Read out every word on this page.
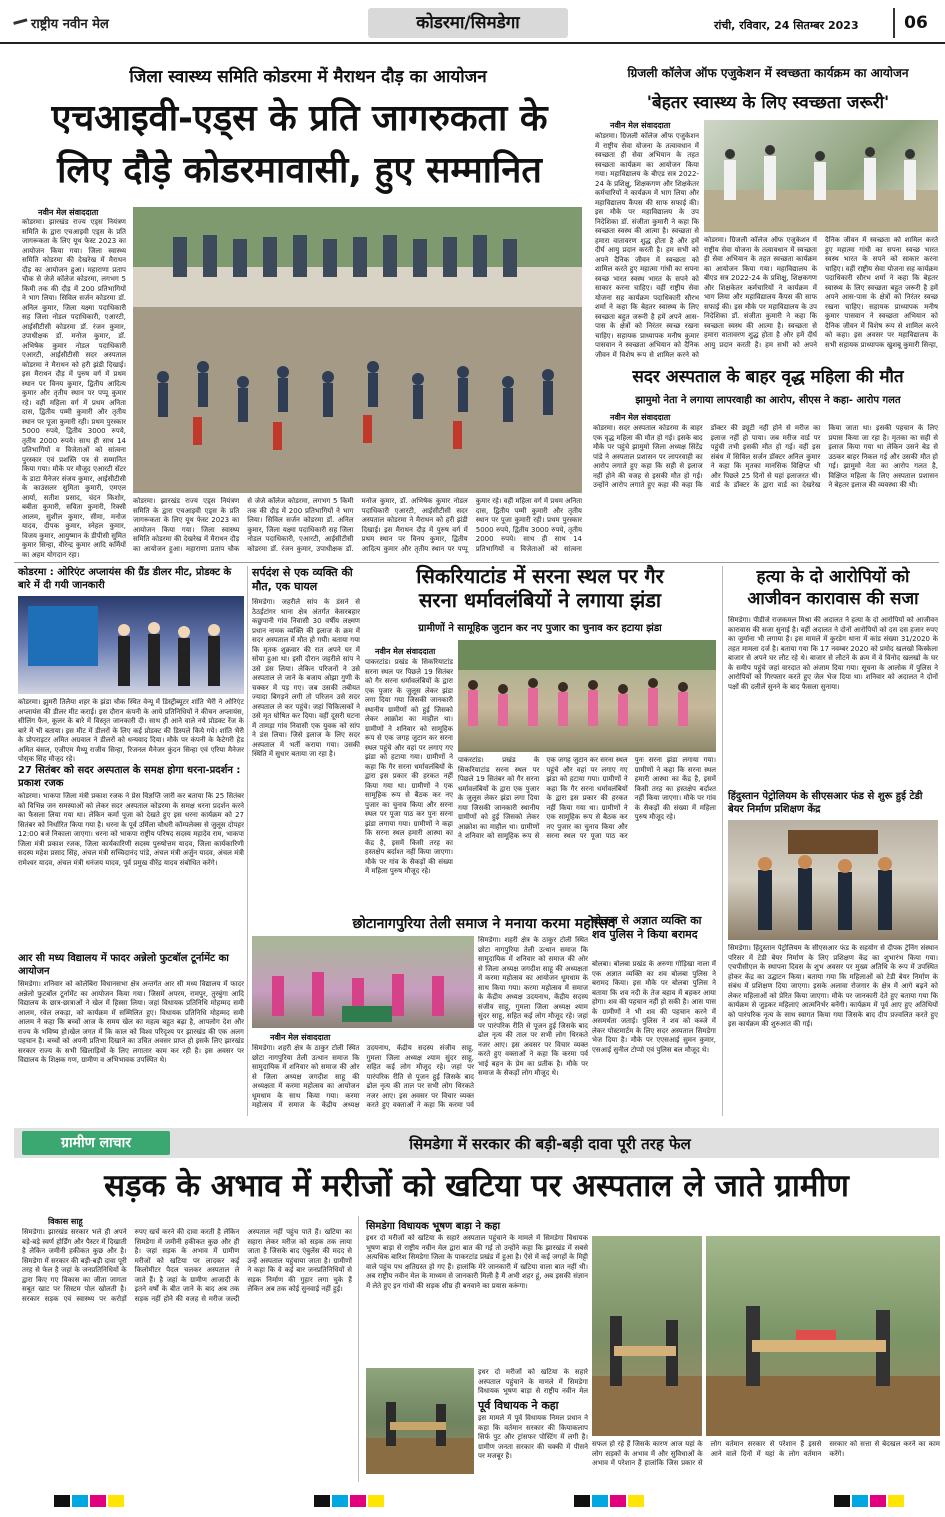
राष्ट्रीय नवीन मेल	कोडरमा/सिमडेगा	रांची, रविवार, 24 सितम्बर 2023	06
जिला स्वास्थ्य समिति कोडरमा में मैराथन दौड़ का आयोजन
एचआइवी-एड्स के प्रति जागरुकता के
लिए दौड़े कोडरमावासी, हुए सम्मानित
नवीन मेल संवाददाता
कोडरमा। झारखंड राज्य एड्स नियंत्रण समिति के द्वारा एचआइवी एड्स के प्रति जागरूकता के लिए यूथ फेस्ट 2023 का आयोजन किया गया। जिला स्वास्थ्य समिति कोडरमा की देखरेख में मैराथन दौड़ का आयोजन हुआ। महाराणा प्रताप चौक से जेजे कॉलेज कोडरमा, लगभग 5 किमी तक की दौड़ में 200 प्रतिभागियों ने भाग लिया। सिविल सर्जन कोडरमा डॉ. अनिल कुमार, जिला यक्ष्मा पदाधिकारी सह जिला नोडल पदाधिकारी, एआरटी, आईसीटीसी कोडरमा डॉ. रंजन कुमार, उपाधीक्षक डॉ. मनोज कुमार, डॉ. अभिषेक कुमार नोडल पदाधिकारी एआरटी, आईसीटीसी सदर अस्पताल कोडरमा ने मैराथन को हरी झंडी दिखाई। इस मैराथन दौड़ में पुरुष वर्ग में प्रथम स्थान पर विनय कुमार, द्वितीय आदित्य कुमार और तृतीय स्थान पर पप्पू कुमार रहे। वहीं महिला वर्ग में प्रथम अनिता दास, द्वितीय पम्मी कुमारी और तृतीय स्थान पर पूजा कुमारी रही। प्रथम पुरस्कार 5000 रुपये, द्वितीय 3000 रुपये, तृतीय 2000 रुपये। साथ ही साथ 14 प्रतिभागियों व विजेताओं को सांत्वना पुरस्कार एवं प्रशस्ति पत्र से सम्मानित किया गया। मौके पर मौजूद एआरटी सेंटर के डाटा मैनेजर संजय कुमार, आईसीटीसी के काउंसलर सुमिता कुमारी, एमएल आर्या, सतीश प्रसाद, चंदन किशोर, बबीता कुमारी, सविता कुमारी, रिक्सी आलम, सुशील कुमार, सीमा, मनोज यादव, दीपक कुमार, स्नेहल कुमार, विजय कुमार, आयुष्मान के डीपीसी सुमित कुमार सिन्हा, वीरेन्द्र कुमार आदि कर्मियों का अहम योगदान रहा।
कोडरमा। झारखंड राज्य एड्स नियंत्रण समिति के द्वारा एचआइवी एड्स के प्रति जागरूकता के लिए यूथ फेस्ट 2023 का आयोजन किया गया। जिला स्वास्थ्य समिति कोडरमा की देखरेख में मैराथन दौड़ का आयोजन हुआ। महाराणा प्रताप चौक से जेजे कॉलेज कोडरमा, लगभग 5 किमी तक की दौड़ में 200 प्रतिभागियों ने भाग लिया। सिविल सर्जन कोडरमा डॉ. अनिल कुमार, जिला यक्ष्मा पदाधिकारी सह जिला नोडल पदाधिकारी, एआरटी, आईसीटीसी कोडरमा डॉ. रंजन कुमार, उपाधीक्षक डॉ. मनोज कुमार, डॉ. अभिषेक कुमार नोडल पदाधिकारी एआरटी, आईसीटीसी सदर अस्पताल कोडरमा ने मैराथन को हरी झंडी दिखाई। इस मैराथन दौड़ में पुरुष वर्ग में प्रथम स्थान पर विनय कुमार, द्वितीय आदित्य कुमार और तृतीय स्थान पर पप्पू कुमार रहे। वहीं महिला वर्ग में प्रथम अनिता दास, द्वितीय पम्मी कुमारी और तृतीय स्थान पर पूजा कुमारी रही। प्रथम पुरस्कार 5000 रुपये, द्वितीय 3000 रुपये, तृतीय 2000 रुपये। साथ ही साथ 14 प्रतिभागियों व विजेताओं को सांत्वना
ग्रिजली कॉलेज ऑफ एजुकेशन में स्वच्छता कार्यक्रम का आयोजन
'बेहतर स्वास्थ्य के लिए स्वच्छता जरूरी'
नवीन मेल संवाददाता
कोडरमा। ग्रिजली कॉलेज ऑफ एजुकेशन में राष्ट्रीय सेवा योजना के तत्वावधान में स्वच्छता ही सेवा अभियान के तहत स्वच्छता कार्यक्रम का आयोजन किया गया। महाविद्यालय के बीएड सत्र 2022-24 के प्रशिक्षु, शिक्षकगण और शिक्षकेतर कर्मचारियों ने कार्यक्रम में भाग लिया और महाविद्यालय कैंपस की साफ सफाई की। इस मौके पर महाविद्यालय के उप निदेशिका डॉ. संजीता कुमारी ने कहा कि स्वच्छता स्वस्थ की आत्मा है। स्वच्छता से हमारा वातावरण शुद्ध होता है और हमें दीर्घ आयु प्रदान करती है। हम सभी को अपने दैनिक जीवन में स्वच्छता को शामिल करते हुए महात्मा गांधी का सपना स्वच्छ भारत स्वस्थ भारत के सपने को साकार करना चाहिए। वहीं राष्ट्रीय सेवा योजना सह कार्यक्रम पदाधिकारी सौरभ शर्मा ने कहा कि बेहतर स्वास्थ्य के लिए स्वच्छता बहुत जरूरी है हमें अपने आस-पास के क्षेत्रों को निरंतर स्वच्छ रखना चाहिए। सहायक प्राध्यापक मनीष कुमार पासवान ने स्वच्छता अभियान को दैनिक जीवन में विशेष रूप से शामिल करने को
कोडरमा। ग्रिजली कॉलेज ऑफ एजुकेशन में राष्ट्रीय सेवा योजना के तत्वावधान में स्वच्छता ही सेवा अभियान के तहत स्वच्छता कार्यक्रम का आयोजन किया गया। महाविद्यालय के बीएड सत्र 2022-24 के प्रशिक्षु, शिक्षकगण और शिक्षकेतर कर्मचारियों ने कार्यक्रम में भाग लिया और महाविद्यालय कैंपस की साफ सफाई की। इस मौके पर महाविद्यालय के उप निदेशिका डॉ. संजीता कुमारी ने कहा कि स्वच्छता स्वस्थ की आत्मा है। स्वच्छता से हमारा वातावरण शुद्ध होता है और हमें दीर्घ आयु प्रदान करती है। हम सभी को अपने दैनिक जीवन में स्वच्छता को शामिल करते हुए महात्मा गांधी का सपना स्वच्छ भारत स्वस्थ भारत के सपने को साकार करना चाहिए। वहीं राष्ट्रीय सेवा योजना सह कार्यक्रम पदाधिकारी सौरभ शर्मा ने कहा कि बेहतर स्वास्थ्य के लिए स्वच्छता बहुत जरूरी है हमें अपने आस-पास के क्षेत्रों को निरंतर स्वच्छ रखना चाहिए। सहायक प्राध्यापक मनीष कुमार पासवान ने स्वच्छता अभियान को दैनिक जीवन में विशेष रूप से शामिल करने को कहा। इस अवसर पर महाविद्यालय के सभी सहायक प्राध्यापक खुशबू कुमारी सिन्हा,
सदर अस्पताल के बाहर वृद्ध महिला की मौत
झामुमो नेता ने लगाया लापरवाही का आरोप, सीएस ने कहा- आरोप गलत
नवीन मेल संवाददाता
कोडरमा। सदर अस्पताल कोडरमा के बाहर एक वृद्ध महिला की मौत हो गई। इसके बाद मौके पर पहुंचे झामुमो जिला अध्यक्ष सिंटेंद्र पांडे ने अस्पताल प्रशासन पर लापरवाही का आरोप लगाते हुए कहा कि सही से इलाज नहीं होने की वजह से इसकी मौत हो गई। उन्होंने आरोप लगाते हुए कहा की कहा कि डॉक्टर की ड्यूटी नहीं होने से मरीज का इलाज नहीं हो पाया। जब मरीज वार्ड पर पहुंची तभी इसकी मौत हो गई। वहीं इस संबंध में सिविल सर्जन डॉक्टर अनिल कुमार ने कहा कि मृतका मानसिक विक्षिप्त थी और पिछले 25 दिनों से यहां इलाजरत थी। वार्ड के डॉक्टर के द्वारा वार्ड का देखरेख किया जाता था। इसकी पहचान के लिए प्रयास किया जा रहा है। मृतका का सही से इलाज किया गया था लेकिन उसने बेड से उठकर बाहर निकल गई और उसकी मौत हो गई। झामुमो नेता का आरोप गलत है, विक्षिप्त महिला के लिए अस्पताल प्रशासन ने बेहतर इलाज की व्यवस्था की थी।
कोडरमा : ओरिएंट अप्लायंस की ग्रैंड डीलर मीट, प्रोडक्ट के बारे में दी गयी जानकारी
कोडरमा। झुमरी तिलैया शहर के झंडा चौक स्थित वेन्यू में डिस्ट्रीब्यूटर शांति भैरी ने ओरिएंट अप्लायंस की डीलर मीट कराई। इस दौरान कंपनी के आये प्रतिनिधियों ने कीचन अप्लायंस, सीलिंग फैन, कूलर के बारे में विस्तृत जानकारी दी। साथ ही आने वाले नये प्रोडक्ट रेंज के बारे में भी बताया। इस मीट में डीलरों के लिए कई प्रोडक्ट की डिस्पले किये गये। शांति भैरी के प्रोपराइटर अमित अग्रवाल ने डीलरों को धन्यवाद दिया। मौके पर कंपनी के कैटेगरी हेड अमित बंसल, एजीएम मैथ्यू राजीव सिन्हा, रिजनल मैनेजर कुंदन सिन्हा एवं एरिया मैनेजर पोसुक सिंह मौजूद रहे।
27 सितंबर को सदर अस्पताल के समक्ष होगा धरना-प्रदर्शन : प्रकाश रजक
कोडरमा। भाकपा जिला मंत्री प्रकाश रजक ने प्रेस विज्ञप्ति जारी कर बताया कि 25 सितंबर को विभिन्न जन समस्याओं को लेकर सदर अस्पताल कोडरमा के समक्ष धरना प्रदर्शन करने का फैसला लिया गया था। लेकिन कर्मा पूजा को देखते हुए इस धरना कार्यक्रम को 27 सितंबर को निर्धारित किया गया है। धरना के पूर्व उर्मिला चौधरी कॉम्पलेक्स से जुलूस दोपहर 12:00 बजे निकाला जाएगा। धरना को भाकपा राष्ट्रीय परिषद सदस्य महादेव राम, भाकपा जिला मंत्री प्रकाश रजक, जिला कार्यकारिणी सदस्य पुरुषोत्तम यादव, जिला कार्यकारिणी सदस्य महेश प्रसाद सिंह, अंचल मंत्री सच्चिदानंद पांडे, अंचल मंत्री अर्जुन यादव, अंचल मंत्री रामेश्वर यादव, अंचल मंत्री धनंजय यादव, पूर्व प्रमुख वीरेंद्र यादव संबोधित करेंगे।
आर सी मध्य विद्यालय में फादर अन्नेलो फुटबॉल टूर्नामेंट का आयोजन
सिमडेगा। शनिवार को कोलेबिरा विधानसभा क्षेत्र अन्तर्गत आर सी मध्य विद्यालय में फादर अन्नेलो फुटबॉल टूर्नामेंट का आयोजन किया गया। जिसमें अपरम, रामपुर, तुरबुंगा आदि विद्यालय के छात्र-छात्राओं ने खेल में हिस्सा लिया। जहां विधायक प्रतिनिधि मोहम्मद समी आलम, रवेल लकड़ा, को कार्यक्रम में सम्मिलित हुए। विधायक प्रतिनिधि मोहम्मद समी आलम ने कहा कि बच्चों आज के समय खेल का महत्व बहुत बढ़ा है, आपलोग देश और राज्य के भविष्य हो।खेल जगत में कि काल को विश्व परिदृश्य पर झारखंड की एक अलग पहचान है। बच्चों को अपनी प्रतिभा दिखाने का उचित अवसर प्राप्त हो इसके लिए झारखंड सरकार राज्य के सभी खिलाड़ियों के लिए लगातार काम कर रही है। इस अवसर पर विद्यालय के शिक्षक गण, ग्रामीण व अभिभावक उपस्थित थे।
सर्पदंश से एक व्यक्ति की मौत, एक घायल
सिमडेगा। जहरीले सांप के डंसने से ठेठईटांगर थाना क्षेत्र अंतर्गत केसरबहार कछुपानी गांव निवासी 30 वर्षीय लक्ष्मण प्रधान नामक व्यक्ति की इलाज के क्रम में सदर अस्पताल में मौत हो गयी। बताया गया कि मृतक शुक्रवार की रात अपने घर में सोया हुआ था। इसी दौरान जहरीले सांप ने उसे डंस लिया। लेकिन परिजनों ने उसे अस्पताल ले जाने के बजाय ओझा गुणी के चक्कर में पड़ गए। जब उसकी तबीयत ज्यादा बिगड़ने लगी तो परिजन उसे सदर अस्पताल ले कर पहुंचे। जहां चिकित्सकों ने उसे मृत घोषित कर दिया। वहीं दूसरी घटना में तामड़ा गांव निवासी एक युवक को सांप ने डंस लिया। जिसे इलाज के लिए सदर अस्पताल में भर्ती कराया गया। उसकी स्थिति में सुधार बताया जा रहा है।
सिकरियाटांड में सरना स्थल पर गैर
सरना धर्मावलंबियों ने लगाया झंडा
ग्रामीणों ने सामूहिक जुटान कर नए पुजार का चुनाव कर हटाया झंडा
नवीन मेल संवाददाता
पाकरटांड। प्रखंड के सिकरियाटांड सरना स्थल पर पिछले 19 सितंबर को गैर सरना धर्मावलंबियों के द्वारा एक पुजार के जुलूस लेकर झंडा लगा दिया गया जिसकी जानकारी स्थानीय ग्रामीणों को हुई जिसको लेकर आक्रोश का माहौल था। ग्रामीणों ने शनिवार को सामूहिक रूप से एक जगह जुटान कर सरना स्थल पहुंचे और वहां पर लगाए गए झंडा को हटाया गया। ग्रामीणों ने कहा कि गैर सरना धर्मावलंबियों के द्वारा इस प्रकार की हरकत नहीं किया गया था। ग्रामीणों ने एक सामूहिक रूप से बैठक कर नए पुजार का चुनाव किया और सरना स्थल पर पूजा पाठ कर पुनः सरना झंडा लगाया गया। ग्रामीणों ने कहा कि सरना स्थल हमारी आस्था का केंद्र है, इसमें किसी तरह का हस्तक्षेप बर्दाश्त नहीं किया जाएगा। मौके पर गांव के सैकड़ों की संख्या में महिला पुरुष मौजूद रहे।
पाकरटांड। प्रखंड के सिकरियाटांड सरना स्थल पर पिछले 19 सितंबर को गैर सरना धर्मावलंबियों के द्वारा एक पुजार के जुलूस लेकर झंडा लगा दिया गया जिसकी जानकारी स्थानीय ग्रामीणों को हुई जिसको लेकर आक्रोश का माहौल था। ग्रामीणों ने शनिवार को सामूहिक रूप से एक जगह जुटान कर सरना स्थल पहुंचे और वहां पर लगाए गए झंडा को हटाया गया। ग्रामीणों ने कहा कि गैर सरना धर्मावलंबियों के द्वारा इस प्रकार की हरकत नहीं किया गया था। ग्रामीणों ने एक सामूहिक रूप से बैठक कर नए पुजार का चुनाव किया और सरना स्थल पर पूजा पाठ कर पुनः सरना झंडा लगाया गया। ग्रामीणों ने कहा कि सरना स्थल हमारी आस्था का केंद्र है, इसमें किसी तरह का हस्तक्षेप बर्दाश्त नहीं किया जाएगा। मौके पर गांव के सैकड़ों की संख्या में महिला पुरुष मौजूद रहे।
छोटानागपुरिया तेली समाज ने मनाया करमा महोत्सव
नवीन मेल संवाददाता
सिमडेगा। शहरी क्षेत्र के ठाकुर टोली स्थित छोटा नागपुरिया तेली उत्थान समाज कि सामुदायिक में शनिवार को समाज की ओर से जिला अध्यक्ष जगदीश साहू की अध्यक्षता में करमा महोत्सव का आयोजन धूमधाम के साथ किया गया। करमा महोत्सव में समाज के केंद्रीय अध्यक्ष उदयनाथ, केंद्रीय सदस्य संजीव साहू, गुमला जिला अध्यक्ष श्याम सुंदर साहू, सहित कई लोग मौजूद रहे। जहां पर पारंपरिक रीति से पूजन हुई जिसके बाद ढोल नृत्य की ताल पर सभी लोग थिरकते नजर आए। इस अवसर पर विचार व्यक्त करते हुए वक्ताओं ने कहा कि करमा पर्व
सिमडेगा। शहरी क्षेत्र के ठाकुर टोली स्थित छोटा नागपुरिया तेली उत्थान समाज कि सामुदायिक में शनिवार को समाज की ओर से जिला अध्यक्ष जगदीश साहू की अध्यक्षता में करमा महोत्सव का आयोजन धूमधाम के साथ किया गया। करमा महोत्सव में समाज के केंद्रीय अध्यक्ष उदयनाथ, केंद्रीय सदस्य संजीव साहू, गुमला जिला अध्यक्ष श्याम सुंदर साहू, सहित कई लोग मौजूद रहे। जहां पर पारंपरिक रीति से पूजन हुई जिसके बाद ढोल नृत्य की ताल पर सभी लोग थिरकते नजर आए। इस अवसर पर विचार व्यक्त करते हुए वक्ताओं ने कहा कि करमा पर्व भाई बहन के प्रेम का प्रतीक है। मौके पर समाज के सैकड़ों लोग मौजूद थे।
बोलबा से अज्ञात व्यक्ति का शव पुलिस ने किया बरामद
बोलबा। बोलबा प्रखंड के अरुणा गोड़िखा नाला में एक अज्ञात व्यक्ति का शव बोलबा पुलिस ने बरामद किया। इस मौके पर बोलबा पुलिस ने बताया कि शव नदी के तेज बहाव में बहकर आया होगा। शव की पहचान नहीं हो सकी है। आस पास के ग्रामीणों ने भी शव की पहचान करने में असमर्थता जताई। पुलिस ने शव को कब्जे में लेकर पोस्टमार्टम के लिए सदर अस्पताल सिमडेगा भेज दिया है। मौके पर एएसआई सुमन कुमार, एसआई सुनील टोप्पो एवं पुलिस बल मौजूद थे।
हत्या के दो आरोपियों को आजीवन कारावास की सजा
सिमडेगा। पीडीजे राजकमल मिश्रा की अदालत ने हत्या के दो आरोपियों को आजीवन कारावास की सजा सुनाई है। वहीं अदालत ने दोनों आरोपियों को दस दस हजार रुपए का जुर्माना भी लगाया है। इस मामले में कुरडेग थाना में कांड संख्या 31/2020 के तहत मामला दर्ज है। बताया गया कि 17 नवम्बर 2020 को प्रमोद खलखो किस्केला बाजार से अपने घर लौट रहे थे। बाजार से लौटने के क्रम में वे विनोद खलखो के घर के समीप पहुंचे जहां वारदात को अंजाम दिया गया। सूचना के आलोक में पुलिस ने आरोपियों को गिरफ्तार करते हुए जेल भेज दिया था। शनिवार को अदालत ने दोनों पक्षों की दलीलें सुनने के बाद फैसला सुनाया।
हिंदुस्तान पेट्रोलियम के सीएसआर फंड से शुरू हुई टेडी बेयर निर्माण प्रशिक्षण केंद्र
सिमडेगा। हिंदुस्तान पेट्रोलियम के सीएसआर फंड के सहयोग से दीपक ट्रेनिंग संस्थान परिसर में टेडी बेयर निर्माण के लिए प्रशिक्षण केंद्र का शुभारंभ किया गया। एचपीसीएल के स्थापना दिवस के शुभ अवसर पर मुख्य अतिथि के रूप में उपस्थित होकर केंद्र का उद्घाटन किया। बताया गया कि महिलाओं को टेडी बेयर निर्माण के संबंध में प्रशिक्षण दिया जाएगा। इसके अलावा रोजगार के क्षेत्र में आगे बढ़ने को लेकर महिलाओं को प्रेरित किया जाएगा। मौके पर जानकारी देते हुए बताया गया कि कार्यक्रम से जुड़कर महिलाएं आत्मनिर्भर बनेंगी। कार्यक्रम में पूर्व आए हुए अतिथियों को पारंपरिक नृत्य के साथ स्वागत किया गया जिसके बाद दीप प्रज्वलित करते हुए इस कार्यक्रम की शुरुआत की गई।
ग्रामीण लाचार	सिमडेगा में सरकार की बड़ी-बड़ी दावा पूरी तरह फेल
सड़क के अभाव में मरीजों को खटिया पर अस्पताल ले जाते ग्रामीण
विकास साहू
सिमडेगा। झारखंड सरकार भले ही अपने बड़े-बड़े स्वर्ण होर्डिंग और पैस्टर में दिखाती है लेकिन जमीनी हकीकत कुछ और है। सिमडेगा में सरकार की बड़ी-बड़ी दावा पूरी तरह से फेल है जहां के जनप्रतिनिधियों के द्वारा किए गए विकास का जीता जागता सबूत खाट पर सिस्टम पोल खोलती है। सरकार सड़क एवं स्वास्थ्य पर करोड़ों रुपए खर्च करने की दावा करती है लेकिन सिमडेगा में जमीनी हकीकत कुछ और ही है। जहां सड़क के अभाव में ग्रामीण मरीजों को खटिया पर लादकर कई किलोमीटर पैदल चलकर अस्पताल ले जाते हैं। है जहां के ग्रामीण आजादी के इतने वर्षों के बीत जाने के बाद अब तक सड़क नहीं होने की वजह से मरीज जल्दी अस्पताल नहीं पहुंच पाते हैं। खटिया का सहारा लेकर मरीज को सड़क तक लाया जाता है जिसके बाद एंबुलेंस की मदद से उन्हें अस्पताल पहुंचाया जाता है। ग्रामीणों ने कहा कि वे कई बार जनप्रतिनिधियों से सड़क निर्माण की गुहार लगा चुके हैं लेकिन अब तक कोई सुनवाई नहीं हुई।
सिमडेगा विधायक भूषण बाड़ा ने कहा
इधर दो मरीजों को खटिया के सहारे अस्पताल पहुंचाने के मामले में सिमडेगा विधायक भूषण बाड़ा से राष्ट्रीय नवीन मेल द्वारा बात की गई तो उन्होंने कहा कि झारखंड में सबसे अत्यधिक बारिश सिमडेगा जिला के पाकरटांड प्रखंड में हुआ है। ऐसे में कई जगहों के मिट्टी वाले पहुंच पथ क्षतिग्रस्त हो गए हैं। हालांकि मेरे जानकारी में खटिया वाला बात नहीं थी। अब राष्ट्रीय नवीन मेल के माध्यम से जानकारी मिली है मैं अभी शहर हूं, अब इसकी संज्ञान में लेते हुए इन गांवों की सड़क शीघ्र ही बनवाने का प्रयास करूंगा।
इधर दो मरीजों को खटिया के सहारे अस्पताल पहुंचाने के मामले में सिमडेगा विधायक भूषण बाड़ा से राष्ट्रीय नवीन मेल
पूर्व विधायक ने कहा
इस मामले में पूर्व विधायक निमल प्रधान ने कहा कि वर्तमान सरकार की कियाकलाप सिर्फ पुट और ट्रांसफर पोस्टिंग में लगी है। ग्रामीण जनता सरकार की चक्की में पीसने पर मजबूर है।
सफल हो रहे हैं जिसके कारण आज यहां के लोग सड़कों के अभाव में और सुविधाओं के अभाव में परेशान हैं हालांकि जिस प्रकार से लोग वर्तमान सरकार से परेशान हैं इससे आने वाले दिनों में यहां के लोग वर्तमान सरकार को सत्ता से बेदखल करने का काम करेंगे।
